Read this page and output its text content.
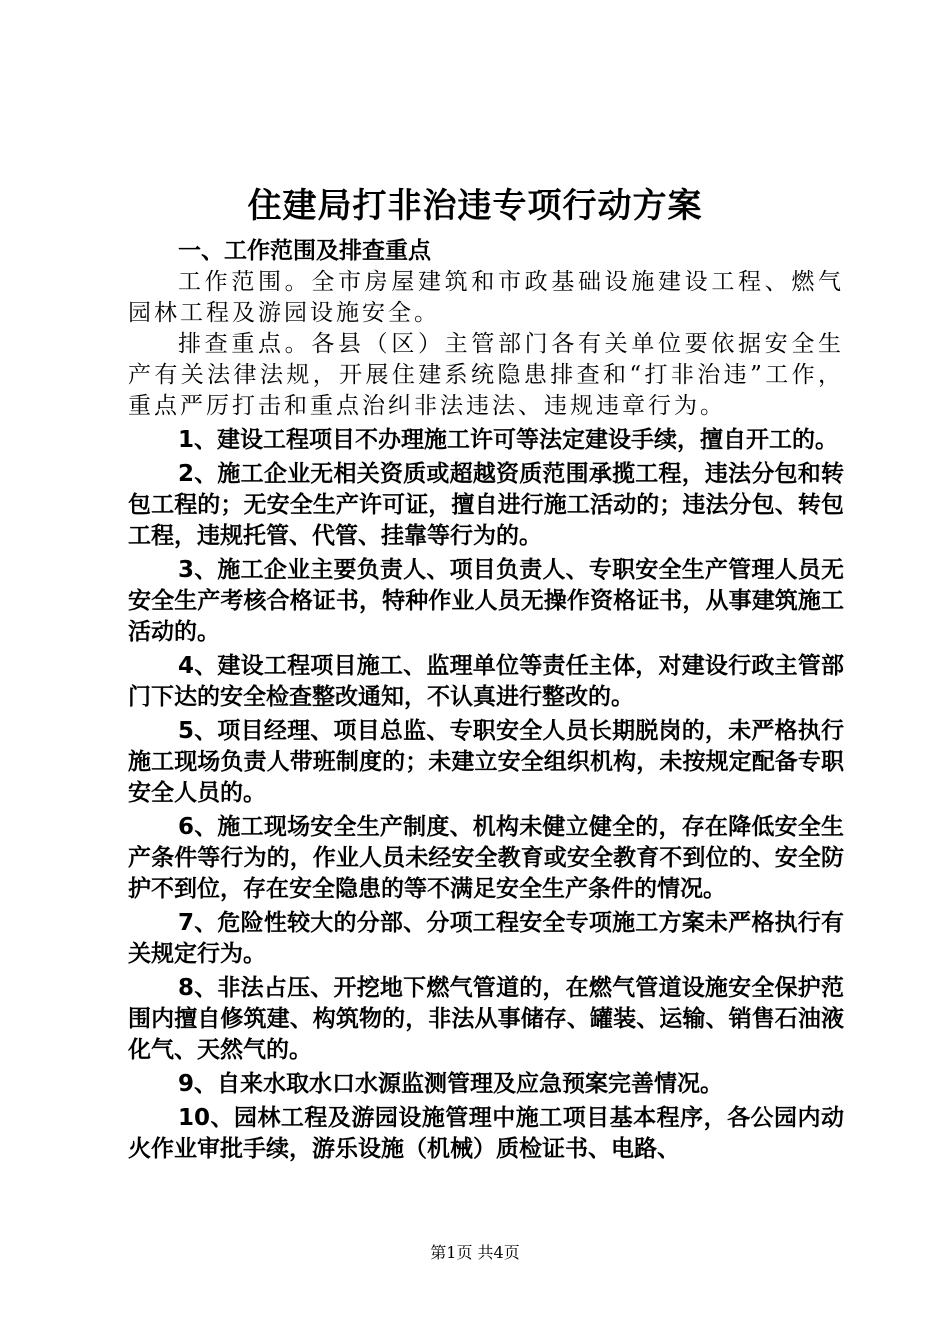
住建局打非治违专项行动方案

一、工作范围及排查重点

工作范围。全市房屋建筑和市政基础设施建设工程、燃气园林工程及游园设施安全。

排查重点。各县（区）主管部门各有关单位要依据安全生产有关法律法规，开展住建系统隐患排查和“打非治违”工作，重点严厉打击和重点治纠非法违法、违规违章行为。

1、建设工程项目不办理施工许可等法定建设手续，擅自开工的。

2、施工企业无相关资质或超越资质范围承揽工程，违法分包和转包工程的；无安全生产许可证，擅自进行施工活动的；违法分包、转包工程，违规托管、代管、挂靠等行为的。

3、施工企业主要负责人、项目负责人、专职安全生产管理人员无安全生产考核合格证书，特种作业人员无操作资格证书，从事建筑施工活动的。

4、建设工程项目施工、监理单位等责任主体，对建设行政主管部门下达的安全检查整改通知，不认真进行整改的。

5、项目经理、项目总监、专职安全人员长期脱岗的，未严格执行施工现场负责人带班制度的；未建立安全组织机构，未按规定配备专职安全人员的。

6、施工现场安全生产制度、机构未健立健全的，存在降低安全生产条件等行为的，作业人员未经安全教育或安全教育不到位的、安全防护不到位，存在安全隐患的等不满足安全生产条件的情况。

7、危险性较大的分部、分项工程安全专项施工方案未严格执行有关规定行为。

8、非法占压、开挖地下燃气管道的，在燃气管道设施安全保护范围内擅自修筑建、构筑物的，非法从事储存、罐装、运输、销售石油液化气、天然气的。

9、自来水取水口水源监测管理及应急预案完善情况。

10、园林工程及游园设施管理中施工项目基本程序，各公园内动火作业审批手续，游乐设施（机械）质检证书、电路、

第1页 共4页
